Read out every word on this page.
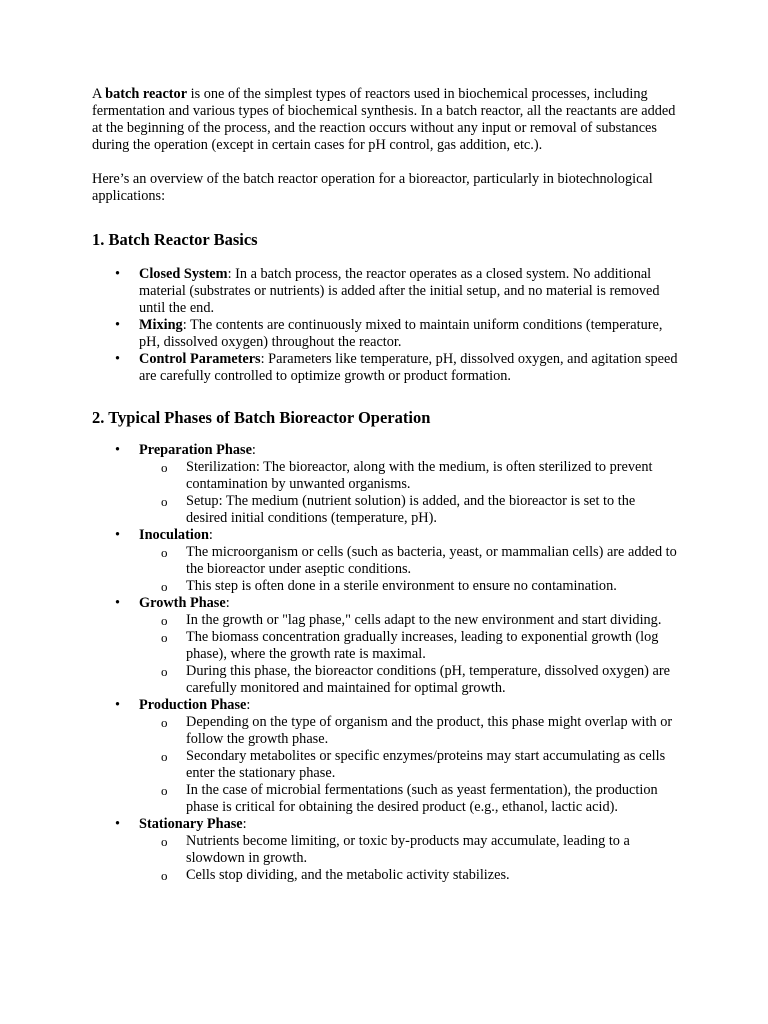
A batch reactor is one of the simplest types of reactors used in biochemical processes, including fermentation and various types of biochemical synthesis. In a batch reactor, all the reactants are added at the beginning of the process, and the reaction occurs without any input or removal of substances during the operation (except in certain cases for pH control, gas addition, etc.).

Here’s an overview of the batch reactor operation for a bioreactor, particularly in biotechnological applications:

1. Batch Reactor Basics
•	Closed System: In a batch process, the reactor operates as a closed system. No additional material (substrates or nutrients) is added after the initial setup, and no material is removed until the end.
•	Mixing: The contents are continuously mixed to maintain uniform conditions (temperature, pH, dissolved oxygen) throughout the reactor.
•	Control Parameters: Parameters like temperature, pH, dissolved oxygen, and agitation speed are carefully controlled to optimize growth or product formation.
2. Typical Phases of Batch Bioreactor Operation
•	Preparation Phase:
o Sterilization: The bioreactor, along with the medium, is often sterilized to prevent contamination by unwanted organisms.
o Setup: The medium (nutrient solution) is added, and the bioreactor is set to the desired initial conditions (temperature, pH).
•	Inoculation:
o The microorganism or cells (such as bacteria, yeast, or mammalian cells) are added to the bioreactor under aseptic conditions.
o This step is often done in a sterile environment to ensure no contamination.
•	Growth Phase:
o In the growth or "lag phase," cells adapt to the new environment and start dividing.
o The biomass concentration gradually increases, leading to exponential growth (log phase), where the growth rate is maximal.
o During this phase, the bioreactor conditions (pH, temperature, dissolved oxygen) are carefully monitored and maintained for optimal growth.
•	Production Phase:
o Depending on the type of organism and the product, this phase might overlap with or follow the growth phase.
o Secondary metabolites or specific enzymes/proteins may start accumulating as cells enter the stationary phase.
o In the case of microbial fermentations (such as yeast fermentation), the production phase is critical for obtaining the desired product (e.g., ethanol, lactic acid).
•	Stationary Phase:
o Nutrients become limiting, or toxic by-products may accumulate, leading to a slowdown in growth.
o Cells stop dividing, and the metabolic activity stabilizes.
